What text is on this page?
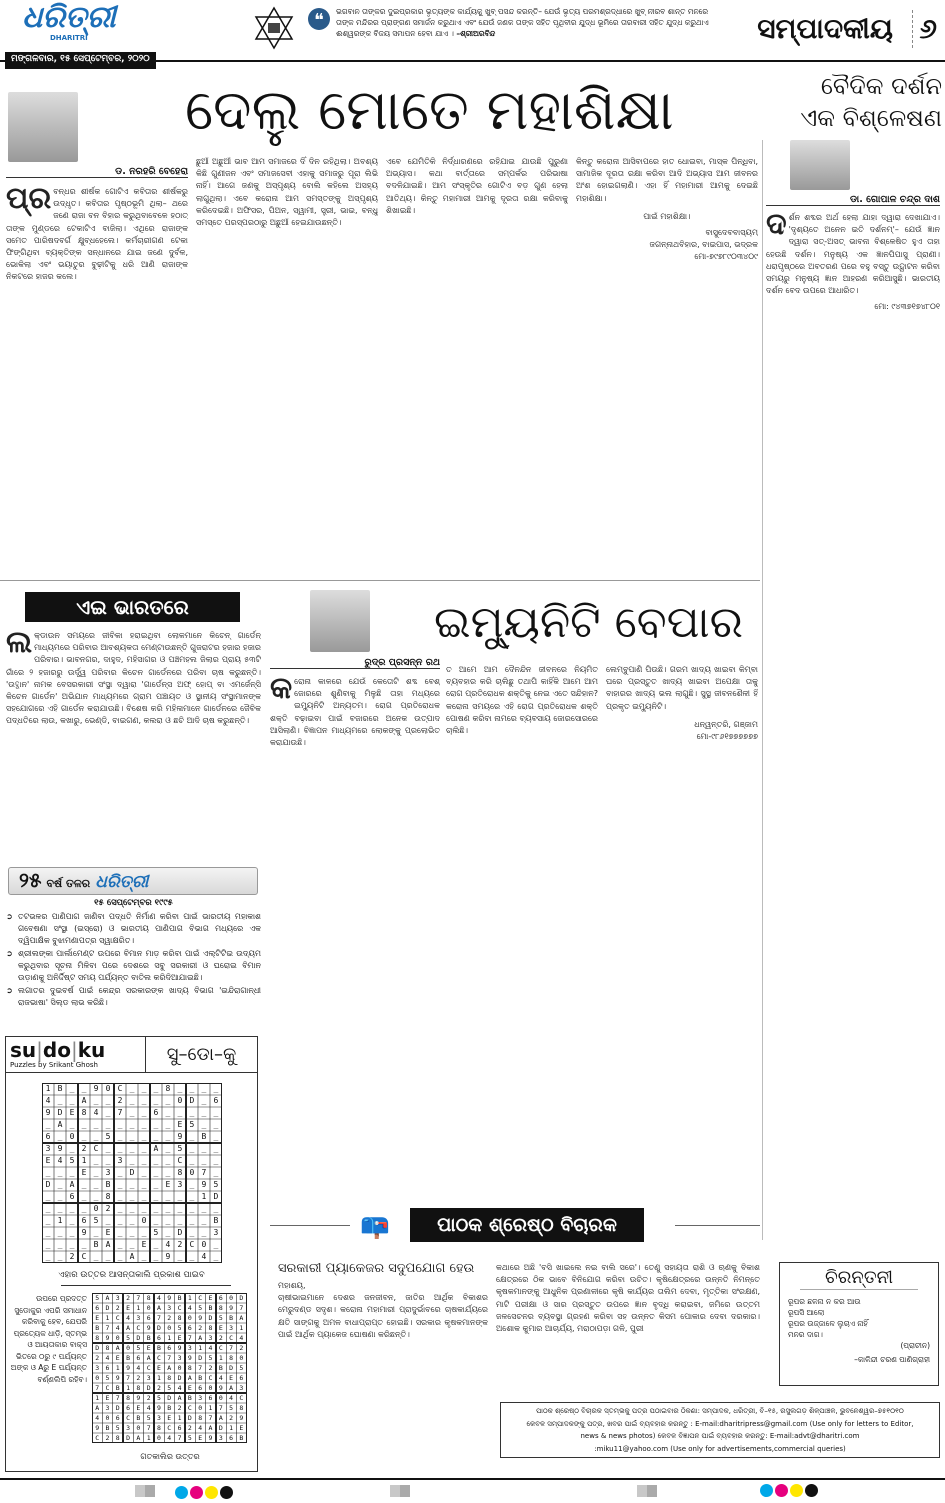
ଧରିତ୍ରୀ
DHARITRI
❝	ଭଗବାନ ତାଙ୍କର ଦୁଇପ୍ରକାର ଭୃତ୍ୟଙ୍କ କାର୍ଯ୍ୟକୁ ଖୁବ୍ ପସନ୍ଦ କରନ୍ତି– ଯେଉଁ ଭୃତ୍ୟ ପରମଶ୍ରଦ୍ଧାରେ ଖୁବ୍ ନୀରବ ଶାନ୍ତ ମନରେ ତାଙ୍କ ମନ୍ଦିରର ପ୍ରାଙ୍ଗଣ ସମାର୍ଜନ କରୁଥାଏ ଏବଂ ଯେଉଁ ଜଣକ ତାଙ୍କ ସହିତ ପୃଥିବୀର ଯୁଦ୍ଧ ଭୂମିରେ ତାରବାରୀ ସହିତ ଯୁଦ୍ଧ କରୁଥାଏ ଈଶ୍ୱରଙ୍କ ବିଜୟ ସମାପନ ହେବା ଯାଏ । –ଶ୍ରୀଅରବିନ୍ଦ	ସମ୍ପାଦକୀୟ ୬
ମଙ୍ଗଳବାର, ୧୫ ସେପ୍ଟେମ୍ବର, ୨୦୨୦
ଦେଲୁ ମୋତେ ମହାଶିକ୍ଷା	ବୈଦିକ ଦର୍ଶନ
ଏକ ବିଶ୍ଳେଷଣ
ଡ. ନରହରି ବେହେରା
ପ୍ର ବନ୍ଧର ଶୀର୍ଷକ ଗୋଟିଏ କବିତାର ଶୀର୍ଷକରୁ ଉଦ୍ଧୃତ। କବିତାର ପୃଷ୍ଠଭୂମି ଥିଲା– ଥରେ ଜଣେ ରାଜା ବନ ବିହାର କରୁଥିବାବେଳେ ହଠାତ୍ ତାଙ୍କ ମୁଣ୍ଡରେ ଟେକାଟିଏ ବାଜିଲା। ଏଥିରେ ରାଜାଙ୍କ ସମେତ ପାରିଷଦବର୍ଗ କ୍ଷୁବ୍ଧହେଲେ। କର୍ମଚାରୀଗଣ ଟେକା ଫିଙ୍ଗିଥିବା ବ୍ୟକ୍ତିଙ୍କ ସନ୍ଧାନରେ ଯାଇ ଜଣେ ଦୁର୍ବଳ, ଭୋକିଲା ଏବଂ ଭୟାତୁର ବୁଢ଼ୀଟିକୁ ଧରି ଆଣି ରାଜାଙ୍କ ନିକଟରେ ହାଜର କଲେ।
ଛୁଆଁ ଅଛୁଆଁ ଭାବ ଆମ ସମାଜରେ ଦିଁ ଦିନ ରହିଥିଲା। ଅବଶ୍ୟ କିଛି ଗୁଣୀଜନ ଏବଂ ସମାଜସେବୀ ଏହାକୁ ସମାଜରୁ ପୂରା ଲିଭି ନାହିଁ। ଆଗେ ଜଣକୁ ଅସ୍ପୃଶ୍ୟ ବୋଲି କହିଲେ ଅସହ୍ୟ ଲାଗୁଥିଲା। ଏବେ କରୋନା ଆମ ସମସ୍ତଙ୍କୁ ଅସ୍ପୃଶ୍ୟ କରିଦେଇଛି। ଅଫିସର, ପିଅନ, ସ୍ୱାମୀ, ସ୍ତ୍ରୀ, ଭାଇ, ବନ୍ଧୁ ସମସ୍ତେ ପରସ୍ପରଠାରୁ ଅଛୁଆଁ ହେଇଯାଉଛନ୍ତି।
ଏବେ ଯେମିତିକି ନିର୍ଦ୍ଧାରଣରେ ରହିଯାଇ ଯାଉଛି ପୁରୁଣା ଅଭ୍ୟାସ। କଥା ବାର୍ତ୍ତାରେ ସମ୍ପର୍କର ପରିଭାଷା ବଦଳିଯାଇଛି। ଆମ ସଂସ୍କୃତିର ଗୋଟିଏ ବଡ଼ ଗୁଣ ହେଲା ଆତିଥ୍ୟ। କିନ୍ତୁ ମହାମାରୀ ଆମକୁ ଦୂରତା ରକ୍ଷା କରିବାକୁ ଶିଖାଇଛି।
କିନ୍ତୁ କରୋନା ଆସିବାପରେ ହାତ ଧୋଇବା, ମାସ୍କ ପିନ୍ଧିବା, ସାମାଜିକ ଦୂରତା ରକ୍ଷା କରିବା ଆଦି ଅଭ୍ୟାସ ଆମ ଜୀବନର ଅଂଶ ହୋଇଗଲାଣି। ଏହା ହିଁ ମହାମାରୀ ଆମକୁ ଦେଇଛି ମହାଶିକ୍ଷା।
ପାଇଁ ମହାଶିକ୍ଷା।
ବାସୁଦେବବାସ୍ୟମ୍
ଜଗନ୍ନାଥବିହାର, ବାଇପାସ, ଭଦ୍ରକ
ମୋ-୭୯୭୮୯୦୩୪୦୯
ଡା. ଗୋପାଳ ଚନ୍ଦ୍ର ଦାଶ
ଦର୍ଶନ ଶବ୍ଦର ଅର୍ଥ ହେଲା ଯାହା ଦ୍ୱାରା ଦେଖାଯାଏ। 'ଦୃଶ୍ୟତେ ଅନେନ ଇତି ଦର୍ଶନମ୍'– ଯେଉଁ ଜ୍ଞାନ ଦ୍ୱାରା ସତ୍-ଅସତ୍ ଭାବନା ବିଶ୍ଳେଷିତ ହୁଏ ତାହା ହେଉଛି ଦର୍ଶନ। ମନୁଷ୍ୟ ଏକ ଜ୍ଞାନପିପାସୁ ପ୍ରାଣୀ। ଧରାପୃଷ୍ଠରେ ଅବତରଣ ପରେ ବହୁ ବସ୍ତୁ ଉଦ୍ଘାଟନ କରିବା ସମୟରୁ ମନୁଷ୍ୟ ଜ୍ଞାନ ଆହରଣ କରିଆସୁଛି। ଭାରତୀୟ ଦର୍ଶନ ବେଦ ଉପରେ ଆଧାରିତ।
ମୋ: ୯୪୩୭୧୭୪୮୦୧
ଏଇ ଭାରତରେ
ଲକ୍‌ଡାଉନ ସମୟରେ ଜୀବିକା ହରାଇଥିବା ଲୋକମାନେ କିଚେନ୍ ଗାର୍ଡେନ୍ ମାଧ୍ୟମରେ ପରିବାର ଆବଶ୍ୟକତା ମେଣ୍ଟାଉଛନ୍ତି ଗୁଜରାଟର ହଜାର ହଜାର ପରିବାର। ଭାବନଗର, ଦାହୁଦ, ମହିସାଗର ଓ ପଞ୍ଚମହଲ ଜିଲାର ପ୍ରାୟ ୫୩ଟି ଗାଁରେ ୨ ହଜାରରୁ ଉର୍ଦ୍ଧ୍ୱ ପରିବାର କିଚେନ ଗାର୍ଡେନରେ ପରିବା ଚାଷ କରୁଛନ୍ତି। 'ଉତ୍ଥାନ' ନାମକ ବେସରକାରୀ ସଂସ୍ଥା ଦ୍ୱାରା 'ଗାର୍ଡେନ୍ସ ଅଫ୍ ହୋପ୍ ବା ଏମର୍ଜେନ୍ସି କିଚେନ ଗାର୍ଡେନ' ଅଭିଯାନ ମାଧ୍ୟମରେ ଗ୍ରାମ ପଞ୍ଚାୟତ ଓ ସ୍ଥାନୀୟ ସଂସ୍ଥାମାନଙ୍କ ସହଯୋଗରେ ଏହି ଗାର୍ଡେନ କରାଯାଉଛି। ବିଶେଷ କରି ମହିଳାମାନେ ଗାର୍ଡେନରେ ଜୈବିକ ପଦ୍ଧତିରେ ଲାଉ, କଖାରୁ, ଭେଣ୍ଡି, ବାଇଗଣ, କଲରା ଓ ଛଚି ଆଦି ଚାଷ କରୁଛନ୍ତି।
୨୫ ବର୍ଷ ତଳର ଧରିତ୍ରୀ
୧୫ ସେପ୍ଟେମ୍ବର ୧୯୯୫
➲ ତଟଭଳର ପାଣିପାଗ ଜାଣିବା ପଦ୍ଧତି ନିର୍ମାଣ କରିବା ପାଇଁ ଭାରତୀୟ ମହାକାଶ ଗବେଷଣା ସଂସ୍ଥା (ଇସ୍ରୋ) ଓ ଭାରତୀୟ ପାଣିପାଗ ବିଭାଗ ମଧ୍ୟରେ ଏକ ଦ୍ୱିପାକ୍ଷିକ ବୁଝାମଣାପତ୍ର ସ୍ୱାକ୍ଷରିତ।
➲ ଶ୍ରୀଲଙ୍କା ପାର୍ଲାମେଣ୍ଟ ଉପରେ ବିମାନ ମାଡ଼ କରିବା ପାଇଁ ଏଲ୍‌ଟିଟିଇ ଉଦ୍ୟମ କରୁଥିବାର ସୂଚନା ମିଳିବା ପରେ ଦେଶରେ ସବୁ ସରକାରୀ ଓ ଘରୋଇ ବିମାନ ଉଡ଼ାଣକୁ ଅନିର୍ଦ୍ଦିଷ୍ଟ ସମୟ ପର୍ଯ୍ୟନ୍ତ ବାତିଲ କରିଦିଆଯାଇଛି।
➲ ଲଗାତର ଦୁଇବର୍ଷ ପାଇଁ କେନ୍ଦ୍ର ସରକାରଙ୍କ ଖାଦ୍ୟ ବିଭାଗ 'ଇନ୍ଦିରାଗାନ୍ଧୀ ରାଜଭାଷା' ସିଲ୍ଡ ଲାଭ କରିଛି।
su|do|ku
Puzzles by Srikant Ghosh	ସୁ–ଡୋ–କୁ
1B__90C___8____
4__A__2____0D_6
9DE84_7__6_____
_A_________E5__
6_0__5_____9_B_
39_2C____A_5___
E451__3____C___
___E_3_D___807_
D_A__B____E3_95
__6__8_______1D
____02_________
_1_65___0_____B
___9_E___5_D__3
____BA__E_42C0_
__2C___A__9__4_
ଏହାର ଉତ୍ତର ଆସନ୍ତାକାଲି ପ୍ରକାଶ ପାଇବ
ଉପରେ ପ୍ରଦତ୍ତ ସୁଡୋକୁର ଏପରି ସମାଧାନ କରିବାକୁ ହେବ, ଯେପରି ପ୍ରତ୍ୟେକ ଧାଡ଼ି, ସ୍ତମ୍ଭ ଓ ଆୟତାକାର ବାକ୍ସ ଭିତରେ ୦ରୁ ୯ ପର୍ଯ୍ୟନ୍ତ ଅଙ୍କ ଓ Aରୁ E ପର୍ଯ୍ୟନ୍ତ ବର୍ଣ୍ଣଲିପି ରହିବ।
5A327849B1CE60D
6D2E10A3C45B897
E1C43672809D5BA
B74AC9D05628E31
8905DB61E7A32C4
D8A05EB69314C72
24EB6AC739D5180
36194CEA0872BD5
05972318DABC4E6
7CB18D254E609A3
1E78925DAB3604C
A3D6E49B2C01758
406CB53E1D87A29
9B53078C624AD1E
C28DA10475E936B
ଗତକାଲିର ଉତ୍ତର
ରୁଦ୍ର ପ୍ରସନ୍ନ ରଥ
ଇମ୍ୟୁନିଟି ବେପାର
କରୋନା କାଳରେ ଯେଉଁ କେତୋଟି ଶବ୍ଦ ବେଶ୍ ଜୋରରେ ଶୁଣିବାକୁ ମିଳୁଛି ତାହା ମଧ୍ୟରେ ଇମ୍ୟୁନିଟି ଅନ୍ୟତମ। ରୋଗ ପ୍ରତିରୋଧକ ଶକ୍ତି ବଢ଼ାଇବା ପାଇଁ ବଜାରରେ ଅନେକ ଉତ୍ପାଦ ଆସିଲାଣି। ବିଜ୍ଞାପନ ମାଧ୍ୟମରେ ଲୋକଙ୍କୁ ପ୍ରଲୋଭିତ କରାଯାଉଛି।
ତ ଆମେ ଆମ ଦୈନନ୍ଦିନ ଜୀବନରେ ନିୟମିତ ବ୍ୟବହାର କରି ଚାଲିଛୁ ତଥାପି କାହିଁକି ଆମେ ଆମ ରୋଗ ପ୍ରତିରୋଧକ ଶକ୍ତିକୁ ନେଇ ଏତେ ସନ୍ଦିହାନ? କରୋନା ସମୟରେ ଏହି ରୋଗ ପ୍ରତିରୋଧକ ଶକ୍ତି ପୋଷଣ କରିବା ନାମରେ ବ୍ୟବସାୟ ଜୋରସୋରରେ ଚାଲିଛି।
ଲେମ୍ବୁପାଣି ପିଉଛି। ଗରମ ଖାଦ୍ୟ ଖାଇବା କିମ୍ବା ଘରେ ପ୍ରସ୍ତୁତ ଖାଦ୍ୟ ଖାଇବା ଅପେକ୍ଷା ତାକୁ ବାହାରର ଖାଦ୍ୟ ଭଲ ଲାଗୁଛି। ସୁସ୍ଥ ଜୀବନଶୈଳୀ ହିଁ ପ୍ରକୃତ ଇମ୍ୟୁନିଟି।
ଧନ୍ୱନ୍ତରି, ଗଞ୍ଜାମ
ମୋ-୯୮୬୧୭୭୭୭୭୭
📪	ପାଠକ ଶ୍ରେଷ୍ଠ ବିଚାରକ
ସରକାରୀ ପ୍ୟାକେଜର ସଦୁପଯୋଗ ହେଉ
ମହାଶୟ,
ଚାଷୀଭାଇମାନେ ଦେଶର ଜନଜୀବନ, ଜାତିର ଆର୍ଥିକ ବିକାଶର ମେରୁଦଣ୍ଡ ସଦୃଶ। କରୋନା ମହାମାରୀ ପ୍ରାଦୁର୍ଭାବରେ ଚାଷକାର୍ଯ୍ୟରେ କ୍ଷତି ସାଙ୍ଗକୁ ଅମଳ ବାଧାପ୍ରାପ୍ତ ହୋଇଛି। ସରକାର କୃଷକମାନଙ୍କ ପାଇଁ ଆର୍ଥିକ ପ୍ୟାକେଜ ଘୋଷଣା କରିଛନ୍ତି।
କଥାରେ ଅଛି 'ବସି ଖାଇଲେ ନଇ ବାଲି ସରେ'। ତେଣୁ ସହାୟତା ରାଶି ଓ ଋଣକୁ ବିକାଶ କ୍ଷେତ୍ରରେ ଠିକ ଭାବେ ବିନିଯୋଗ କରିବା ଉଚିତ। କୃଷିକ୍ଷେତ୍ରରେ ଉନ୍ନତି ନିମନ୍ତେ କୃଷକମାନଙ୍କୁ ଆଧୁନିକ ପ୍ରଣାଳୀରେ କୃଷି କାର୍ଯ୍ୟର ତାଲିମ ଦେବା, ମୃତ୍ତିକା ସଂରକ୍ଷଣ, ମାଟି ପରୀକ୍ଷା ଓ ସାର ପ୍ରସ୍ତୁତ ଉପରେ ଜ୍ଞାନ ବୃଦ୍ଧି କରାଇବା, ଜମିରେ ଉତ୍ତମ ଜଳସେଚନର ବ୍ୟବସ୍ଥା ଗ୍ରହଣ କରିବା ସହ ଉନ୍ନତ କିସମ ପୋକାର ଦେବା ଦରକାର। ଅଶୋକ କୁମାର ଆଚାର୍ଯ୍ୟ, ମରାଠାପଡ଼ା ଗଳି, ପୁରୀ
ଚିରନ୍ତନୀ
ରୂପର ଛଳନା ନ କର ଆଉ
ରୂପସି ଆଲୋ
ରୂପର ଉଜ୍ଜାଳେ ଲୁଚାଏ ନାହିଁ
ମନର ଦାଗ।
(ପ୍ରାଚୀନ)
–କାଳିନ୍ଦୀ ଚରଣ ପାଣିଗ୍ରାହୀ
ପାଠକ ଶ୍ରେଷ୍ଠ ବିଚାରକ ସ୍ତମ୍ଭକୁ ପତ୍ର ପଠାଇବାର ଠିକଣା: ସମ୍ପାଦକ, ଧରିତ୍ରୀ, ବି–୧୫, ରସୁଲଗଡ଼ ଶିଳ୍ପାଞ୍ଚଳ, ଭୁବନେଶ୍ୱର–୭୫୧୦୧୦
କେବଳ ସମ୍ପାଦକଙ୍କୁ ପତ୍ର, ଖବର ପାଇଁ ବ୍ୟବହାର କରନ୍ତୁ : E-mail:dharitripress@gmail.com (Use only for letters to Editor,
news & news photos) କେବଳ ବିଜ୍ଞାପନ ପାଇଁ ବ୍ୟବହାର କରନ୍ତୁ: E-mail:advt@dharitri.com
:miku11@yahoo.com (Use only for advertisements,commercial queries)
